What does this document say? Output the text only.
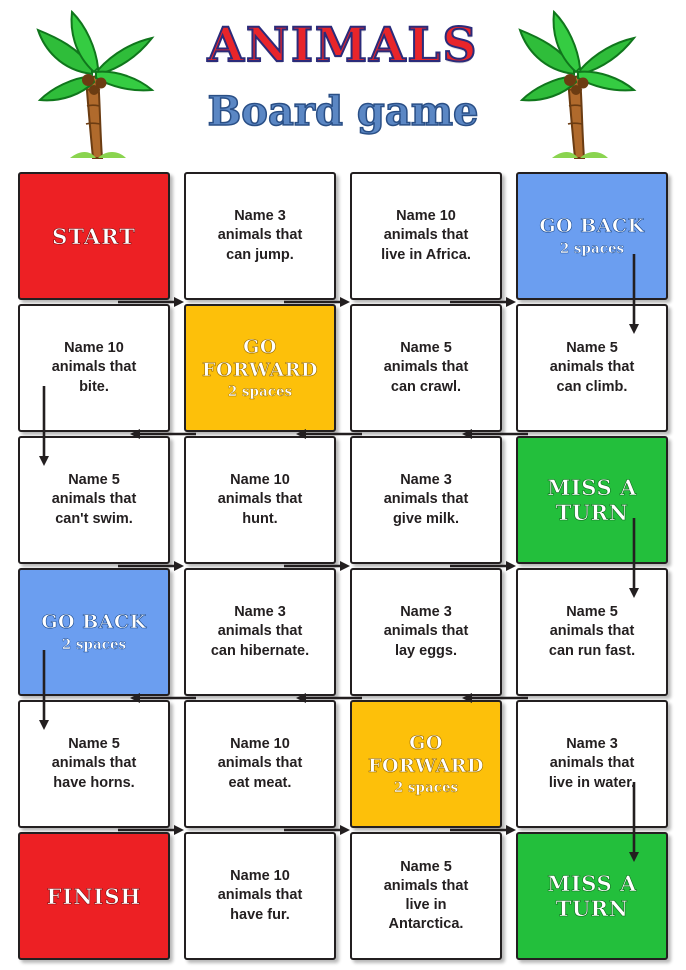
ANIMALS
Board game
START
Name 3
animals that
can jump.
Name 10
animals that
live in Africa.
GO BACK
2 spaces
Name 10
animals that
bite.
GO FORWARD
2 spaces
Name 5
animals that
can crawl.
Name 5
animals that
can climb.
Name 5
animals that
can't swim.
Name 10
animals that
hunt.
Name 3
animals that
give milk.
MISS A TURN
GO BACK
2 spaces
Name 3
animals that
can hibernate.
Name 3
animals that
lay eggs.
Name 5
animals that
can run fast.
Name 5
animals that
have horns.
Name 10
animals that
eat meat.
GO FORWARD
2 spaces
Name 3
animals that
live in water.
FINISH
Name 10
animals that
have fur.
Name 5
animals that
live in
Antarctica.
MISS A TURN
